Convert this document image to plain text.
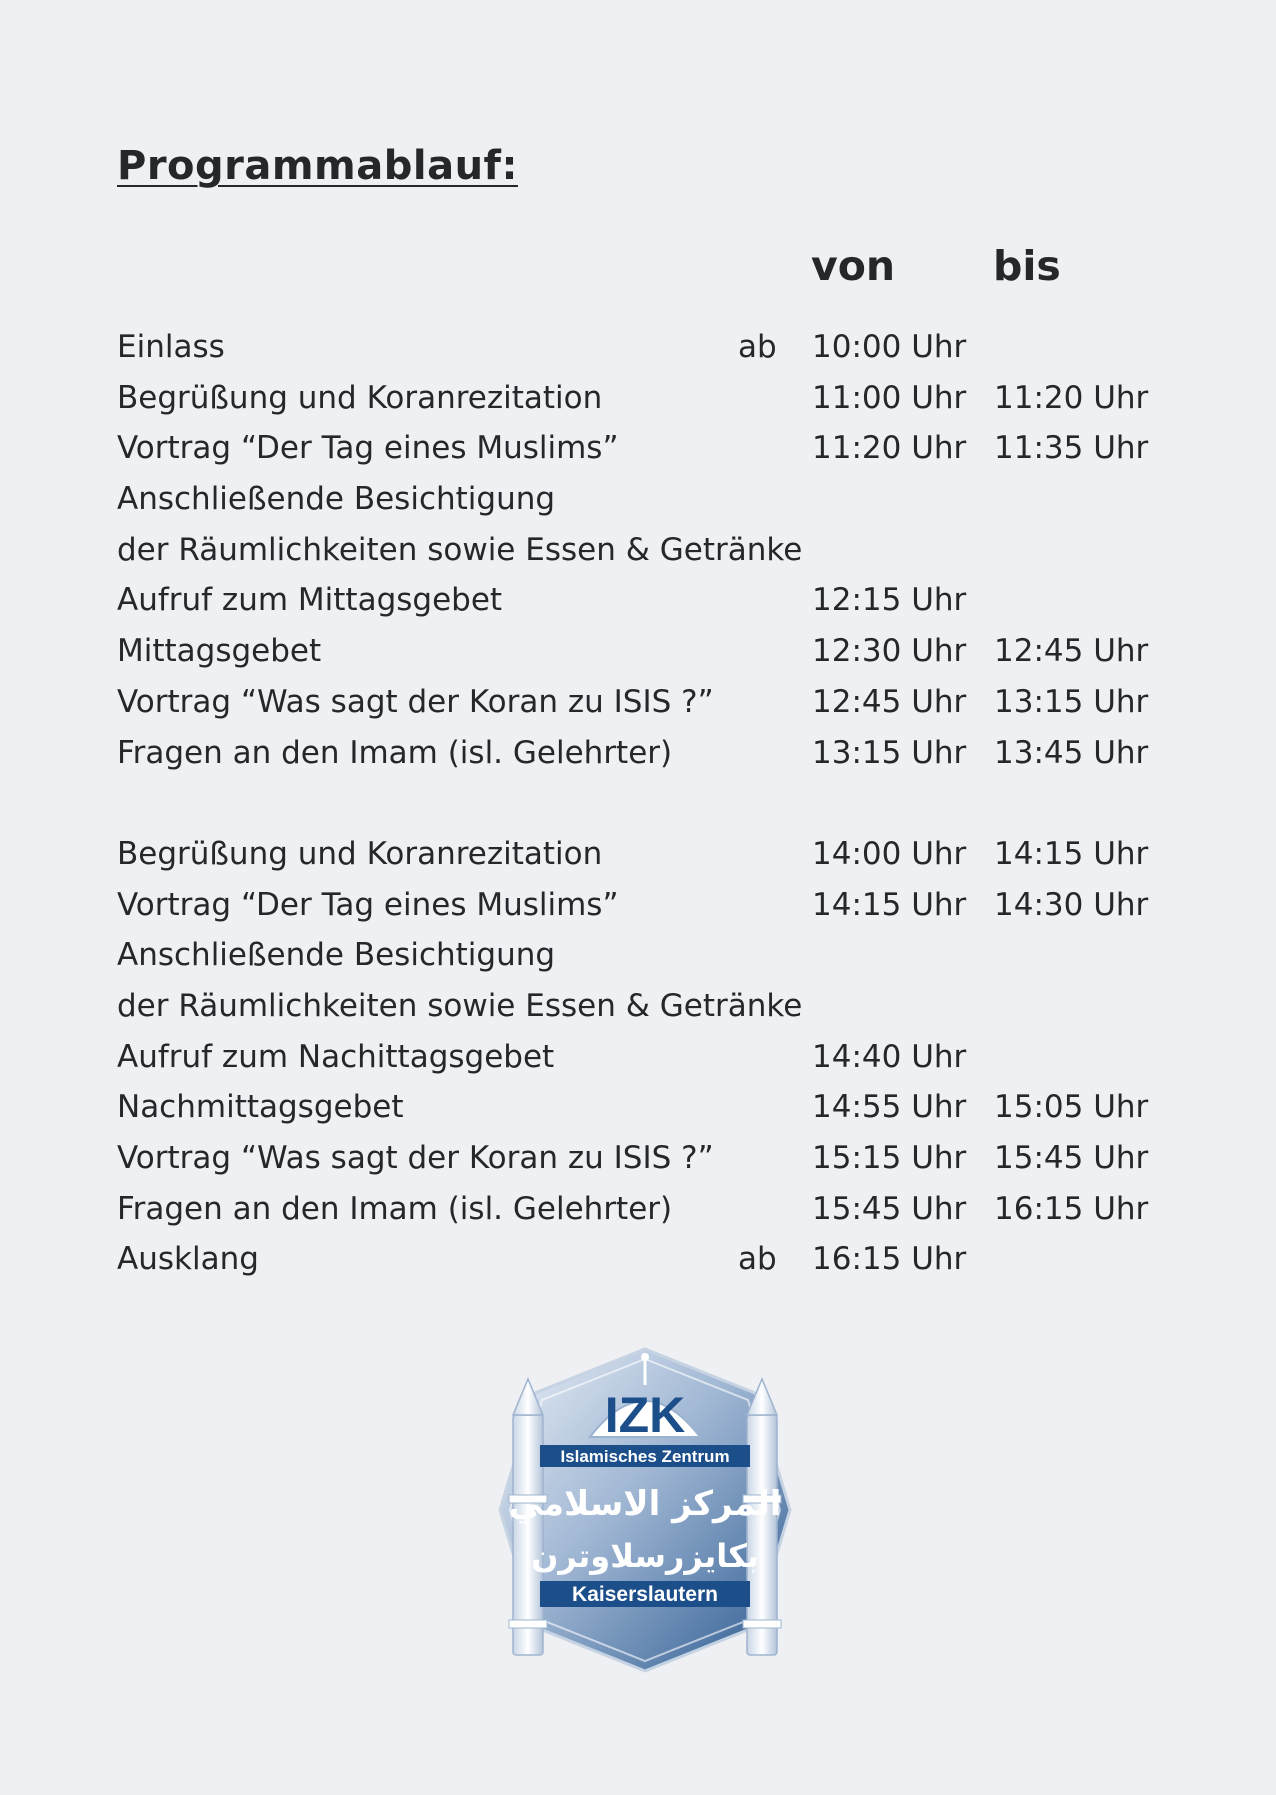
Programmablauf:
von bis
Einlass	ab 10:00 Uhr
Begrüßung und Koranrezitation	11:00 Uhr 11:20 Uhr
Vortrag “Der Tag eines Muslims”	11:20 Uhr 11:35 Uhr
Anschließende Besichtigung
der Räumlichkeiten sowie Essen & Getränke
Aufruf zum Mittagsgebet	12:15 Uhr
Mittagsgebet	12:30 Uhr 12:45 Uhr
Vortrag “Was sagt der Koran zu ISIS ?”	12:45 Uhr 13:15 Uhr
Fragen an den Imam (isl. Gelehrter)	13:15 Uhr 13:45 Uhr
Begrüßung und Koranrezitation	14:00 Uhr 14:15 Uhr
Vortrag “Der Tag eines Muslims”	14:15 Uhr 14:30 Uhr
Anschließende Besichtigung
der Räumlichkeiten sowie Essen & Getränke
Aufruf zum Nachittagsgebet	14:40 Uhr
Nachmittagsgebet	14:55 Uhr 15:05 Uhr
Vortrag “Was sagt der Koran zu ISIS ?”	15:15 Uhr 15:45 Uhr
Fragen an den Imam (isl. Gelehrter)	15:45 Uhr 16:15 Uhr
Ausklang	ab 16:15 Uhr
IZK
Islamisches Zentrum
المركز الاسلامي
بكايزرسلاوترن
Kaiserslautern
